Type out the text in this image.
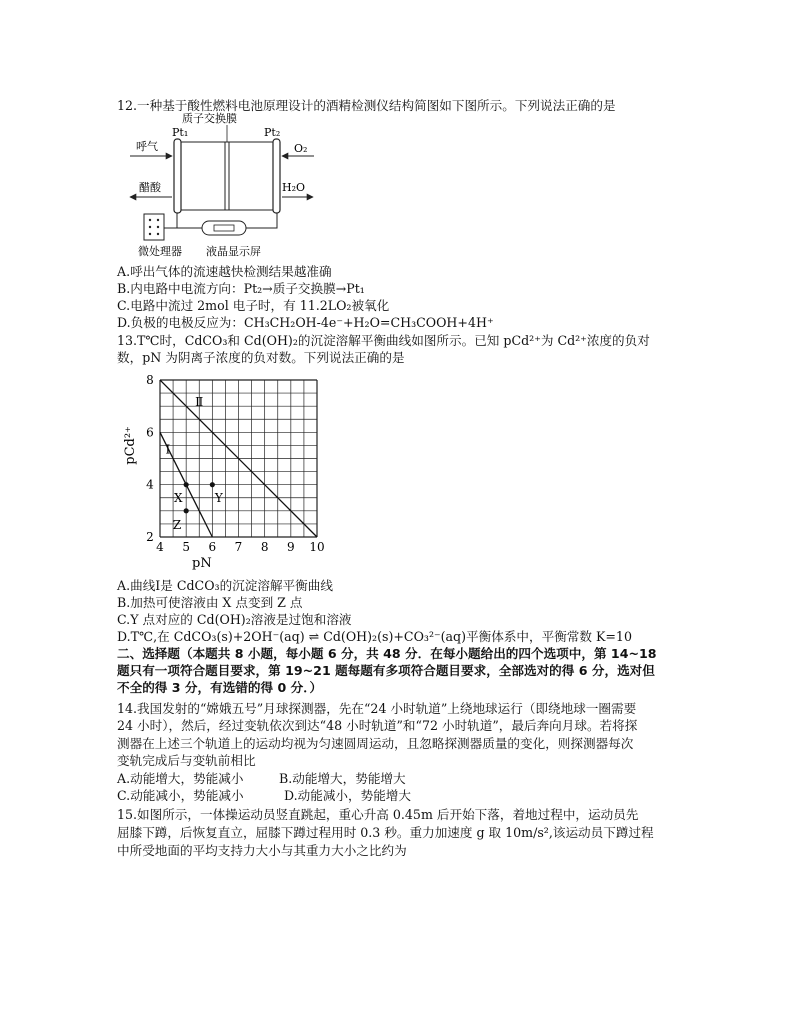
12.一种基于酸性燃料电池原理设计的酒精检测仪结构简图如下图所示。下列说法正确的是
质子交换膜
Pt₁	Pt₂
呼气
醋酸
O₂
H₂O
微处理器 液晶显示屏
A.呼出气体的流速越快检测结果越准确
B.内电路中电流方向：Pt₂→质子交换膜→Pt₁
C.电路中流过 2mol 电子时，有 11.2LO₂被氧化
D.负极的电极反应为：CH₃CH₂OH-4e⁻+H₂O=CH₃COOH+4H⁺
13.T℃时，CdCO₃和 Cd(OH)₂的沉淀溶解平衡曲线如图所示。已知 pCd²⁺为 Cd²⁺浓度的负对
数，pN 为阴离子浓度的负对数。下列说法正确的是
Ⅰ
Ⅱ
X	Y
Z
4 5 6 7 8 9 10
2
4
6
8
pN
pCd²⁺
A.曲线Ⅰ是 CdCO₃的沉淀溶解平衡曲线
B.加热可使溶液由 X 点变到 Z 点
C.Y 点对应的 Cd(OH)₂溶液是过饱和溶液
D.T℃,在 CdCO₃(s)+2OH⁻(aq) ⇌ Cd(OH)₂(s)+CO₃²⁻(aq)平衡体系中，平衡常数 K=10
二、选择题（本题共 8 小题，每小题 6 分，共 48 分．在每小题给出的四个选项中，第 14~18
题只有一项符合题目要求，第 19~21 题每题有多项符合题目要求，全部选对的得 6 分，选对但
不全的得 3 分，有选错的得 0 分．）
14.我国发射的“嫦娥五号”月球探测器，先在“24 小时轨道”上绕地球运行（即绕地球一圈需要
24 小时），然后，经过变轨依次到达“48 小时轨道”和“72 小时轨道”，最后奔向月球。若将探
测器在上述三个轨道上的运动均视为匀速圆周运动，且忽略探测器质量的变化，则探测器每次
变轨完成后与变轨前相比
A.动能增大，势能减小	B.动能增大，势能增大
C.动能减小，势能减小	D.动能减小，势能增大
15.如图所示，一体操运动员竖直跳起，重心升高 0.45m 后开始下落，着地过程中，运动员先
屈膝下蹲，后恢复直立，屈膝下蹲过程用时 0.3 秒。重力加速度 g 取 10m/s²,该运动员下蹲过程
中所受地面的平均支持力大小与其重力大小之比约为
